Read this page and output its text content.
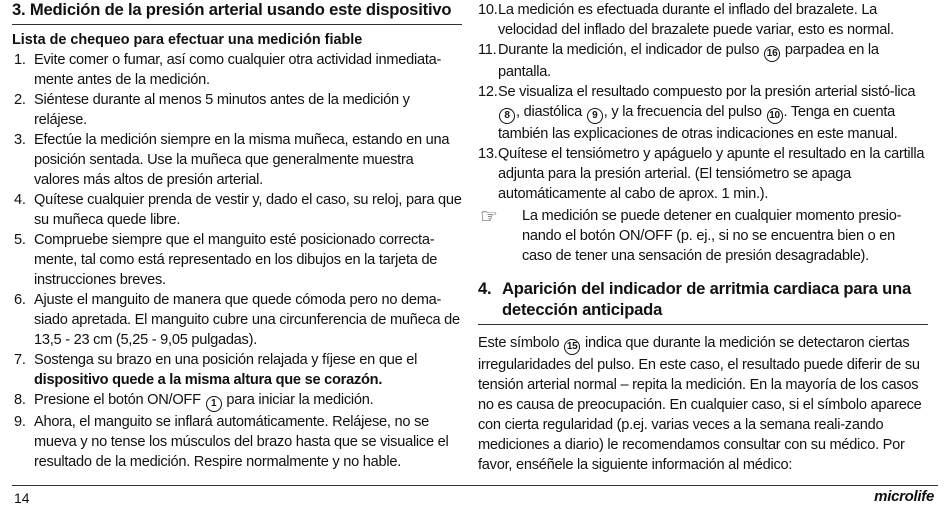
3. Medición de la presión arterial usando este dispositivo
Lista de chequeo para efectuar una medición fiable
1. Evite comer o fumar, así como cualquier otra actividad inmediata-mente antes de la medición.
2. Siéntese durante al menos 5 minutos antes de la medición y relájese.
3. Efectúe la medición siempre en la misma muñeca, estando en una posición sentada. Use la muñeca que generalmente muestra valores más altos de presión arterial.
4. Quítese cualquier prenda de vestir y, dado el caso, su reloj, para que su muñeca quede libre.
5. Compruebe siempre que el manguito esté posicionado correcta-mente, tal como está representado en los dibujos en la tarjeta de instrucciones breves.
6. Ajuste el manguito de manera que quede cómoda pero no dema-siado apretada. El manguito cubre una circunferencia de muñeca de 13,5 - 23 cm (5,25 - 9,05 pulgadas).
7. Sostenga su brazo en una posición relajada y fíjese en que el dispositivo quede a la misma altura que se corazón.
8. Presione el botón ON/OFF 1 para iniciar la medición.
9. Ahora, el manguito se inflará automáticamente. Relájese, no se mueva y no tense los músculos del brazo hasta que se visualice el resultado de la medición. Respire normalmente y no hable.
10. La medición es efectuada durante el inflado del brazalete. La velocidad del inflado del brazalete puede variar, esto es normal.
11. Durante la medición, el indicador de pulso 16 parpadea en la pantalla.
12. Se visualiza el resultado compuesto por la presión arterial sistó-lica 8 , diastólica 9 , y la frecuencia del pulso 10 . Tenga en cuenta también las explicaciones de otras indicaciones en este manual.
13. Quítese el tensiómetro y apáguelo y apunte el resultado en la cartilla adjunta para la presión arterial. (El tensiómetro se apaga automáticamente al cabo de aprox. 1 min.).
☞ La medición se puede detener en cualquier momento presio-nando el botón ON/OFF (p. ej., si no se encuentra bien o en caso de tener una sensación de presión desagradable).
4. Aparición del indicador de arritmia cardiaca para una detección anticipada
Este símbolo 15 indica que durante la medición se detectaron ciertas irregularidades del pulso. En este caso, el resultado puede diferir de su tensión arterial normal – repita la medición. En la mayoría de los casos no es causa de preocupación. En cualquier caso, si el símbolo aparece con cierta regularidad (p.ej. varias veces a la semana reali-zando mediciones a diario) le recomendamos consultar con su médico. Por favor, enséñele la siguiente información al médico:
14	microlife
